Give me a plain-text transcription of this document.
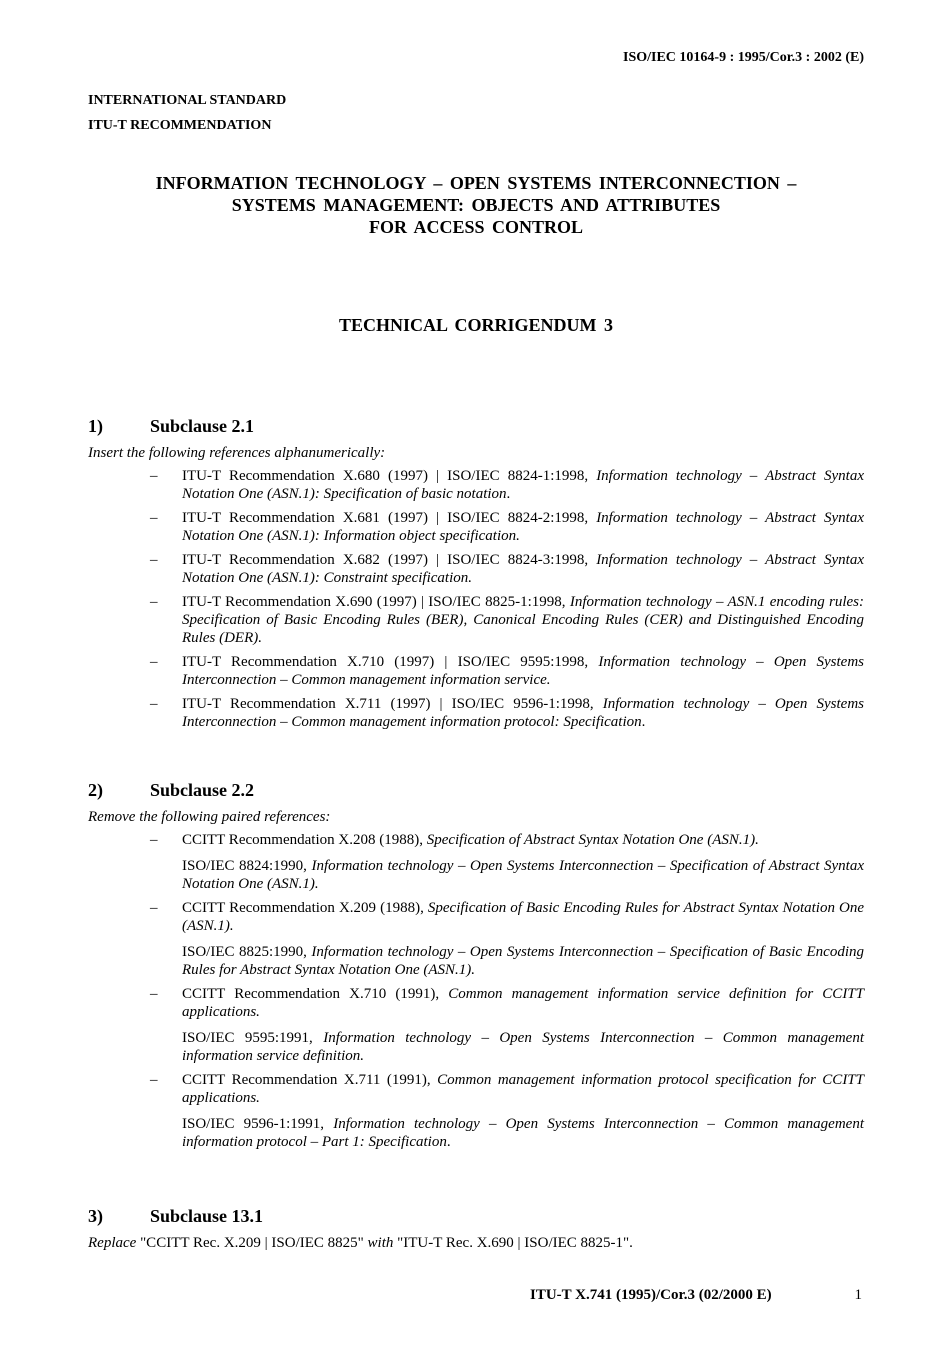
ISO/IEC 10164-9 : 1995/Cor.3 : 2002 (E)
INTERNATIONAL STANDARD
ITU-T RECOMMENDATION
INFORMATION TECHNOLOGY – OPEN SYSTEMS INTERCONNECTION –
SYSTEMS MANAGEMENT: OBJECTS AND ATTRIBUTES
FOR ACCESS CONTROL
TECHNICAL CORRIGENDUM 3
1)	Subclause 2.1
Insert the following references alphanumerically:
– ITU-T Recommendation X.680 (1997) | ISO/IEC 8824-1:1998, Information technology – Abstract Syntax Notation One (ASN.1): Specification of basic notation.
– ITU-T Recommendation X.681 (1997) | ISO/IEC 8824-2:1998, Information technology – Abstract Syntax Notation One (ASN.1): Information object specification.
– ITU-T Recommendation X.682 (1997) | ISO/IEC 8824-3:1998, Information technology – Abstract Syntax Notation One (ASN.1): Constraint specification.
– ITU-T Recommendation X.690 (1997) | ISO/IEC 8825-1:1998, Information technology – ASN.1 encoding rules: Specification of Basic Encoding Rules (BER), Canonical Encoding Rules (CER) and Distinguished Encoding Rules (DER).
– ITU-T Recommendation X.710 (1997) | ISO/IEC 9595:1998, Information technology – Open Systems Interconnection – Common management information service.
– ITU-T Recommendation X.711 (1997) | ISO/IEC 9596-1:1998, Information technology – Open Systems Interconnection – Common management information protocol: Specification.
2)	Subclause 2.2
Remove the following paired references:
– CCITT Recommendation X.208 (1988), Specification of Abstract Syntax Notation One (ASN.1).
ISO/IEC 8824:1990, Information technology – Open Systems Interconnection – Specification of Abstract Syntax Notation One (ASN.1).
– CCITT Recommendation X.209 (1988), Specification of Basic Encoding Rules for Abstract Syntax Notation One (ASN.1).
ISO/IEC 8825:1990, Information technology – Open Systems Interconnection – Specification of Basic Encoding Rules for Abstract Syntax Notation One (ASN.1).
– CCITT Recommendation X.710 (1991), Common management information service definition for CCITT applications.
ISO/IEC 9595:1991, Information technology – Open Systems Interconnection – Common management information service definition.
– CCITT Recommendation X.711 (1991), Common management information protocol specification for CCITT applications.
ISO/IEC 9596-1:1991, Information technology – Open Systems Interconnection – Common management information protocol – Part 1: Specification.
3)	Subclause 13.1
Replace "CCITT Rec. X.209 | ISO/IEC 8825" with "ITU-T Rec. X.690 | ISO/IEC 8825-1".
ITU-T X.741 (1995)/Cor.3 (02/2000 E)	1
